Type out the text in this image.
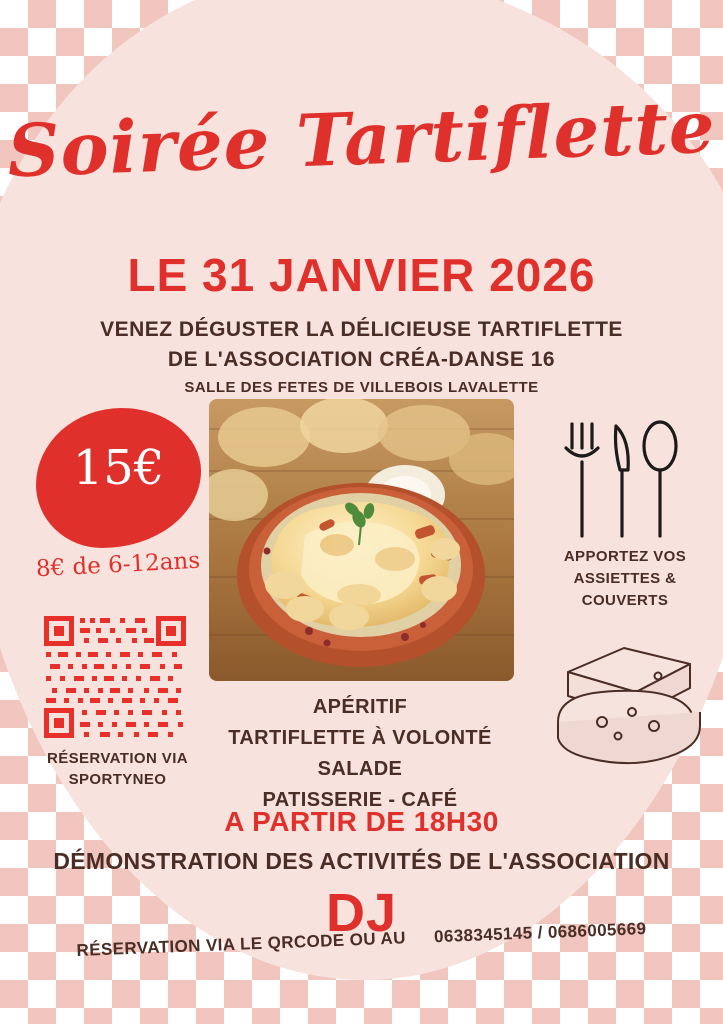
Soirée Tartiflette
LE 31 JANVIER 2026
VENEZ DÉGUSTER LA DÉLICIEUSE TARTIFLETTE
DE L'ASSOCIATION CRÉA-DANSE 16
SALLE DES FETES DE VILLEBOIS LAVALETTE
15€
8€ de 6-12ans	APPORTEZ VOS ASSIETTES & COUVERTS
RÉSERVATION VIA SPORTYNEO
APÉRITIF
TARTIFLETTE À VOLONTÉ
SALADE
PATISSERIE - CAFÉ
A PARTIR DE 18H30
DÉMONSTRATION DES ACTIVITÉS DE L'ASSOCIATION
DJ
RÉSERVATION VIA LE QRCODE OU AU 0638345145 / 0686005669
